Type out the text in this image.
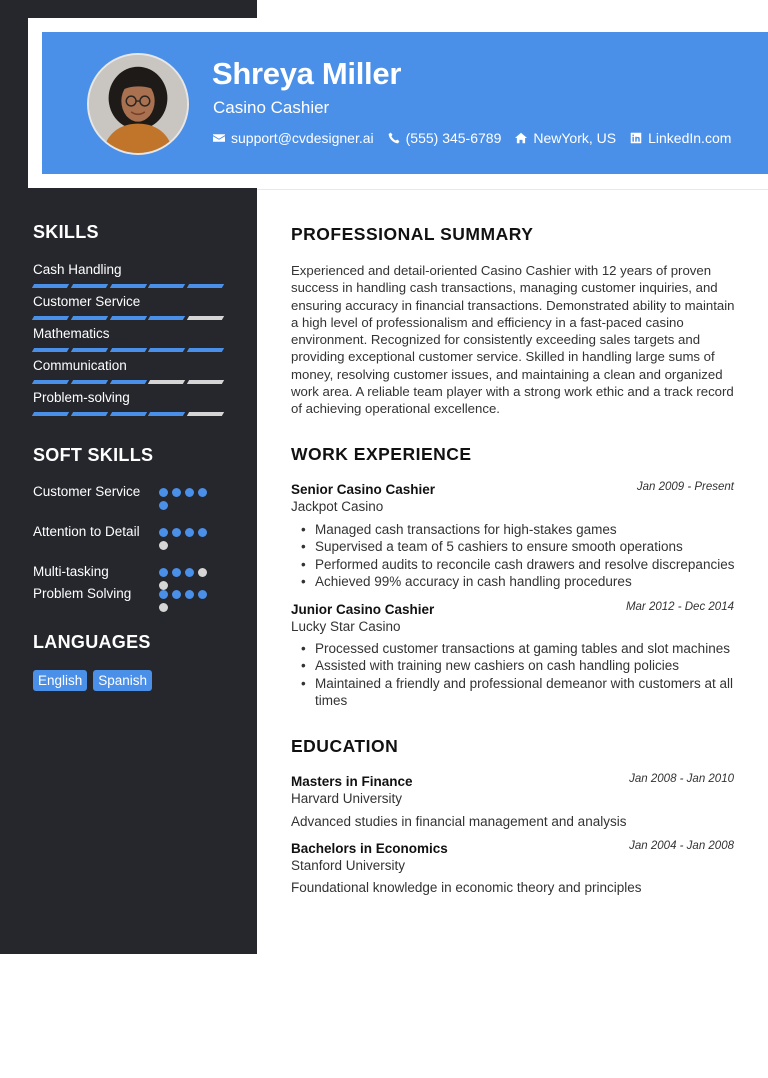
Shreya Miller
Casino Cashier
support@cvdesigner.ai (555) 345-6789 NewYork, US LinkedIn.com
SKILLS
Cash Handling
Customer Service
Mathematics
Communication
Problem-solving
SOFT SKILLS
Customer Service
Attention to Detail
Multi-tasking
Problem Solving
LANGUAGES
English	Spanish
PROFESSIONAL SUMMARY
Experienced and detail-oriented Casino Cashier with 12 years of proven success in handling cash transactions, managing customer inquiries, and ensuring accuracy in financial transactions. Demonstrated ability to maintain a high level of professionalism and efficiency in a fast-paced casino environment. Recognized for consistently exceeding sales targets and providing exceptional customer service. Skilled in handling large sums of money, resolving customer issues, and maintaining a clean and organized work area. A reliable team player with a strong work ethic and a track record of achieving operational excellence.
WORK EXPERIENCE
Senior Casino Cashier	Jan 2009 - Present
Jackpot Casino
• Managed cash transactions for high-stakes games
• Supervised a team of 5 cashiers to ensure smooth operations
• Performed audits to reconcile cash drawers and resolve discrepancies
• Achieved 99% accuracy in cash handling procedures
Junior Casino Cashier	Mar 2012 - Dec 2014
Lucky Star Casino
• Processed customer transactions at gaming tables and slot machines
• Assisted with training new cashiers on cash handling policies
• Maintained a friendly and professional demeanor with customers at all times
EDUCATION
Masters in Finance	Jan 2008 - Jan 2010
Harvard University
Advanced studies in financial management and analysis
Bachelors in Economics	Jan 2004 - Jan 2008
Stanford University
Foundational knowledge in economic theory and principles
